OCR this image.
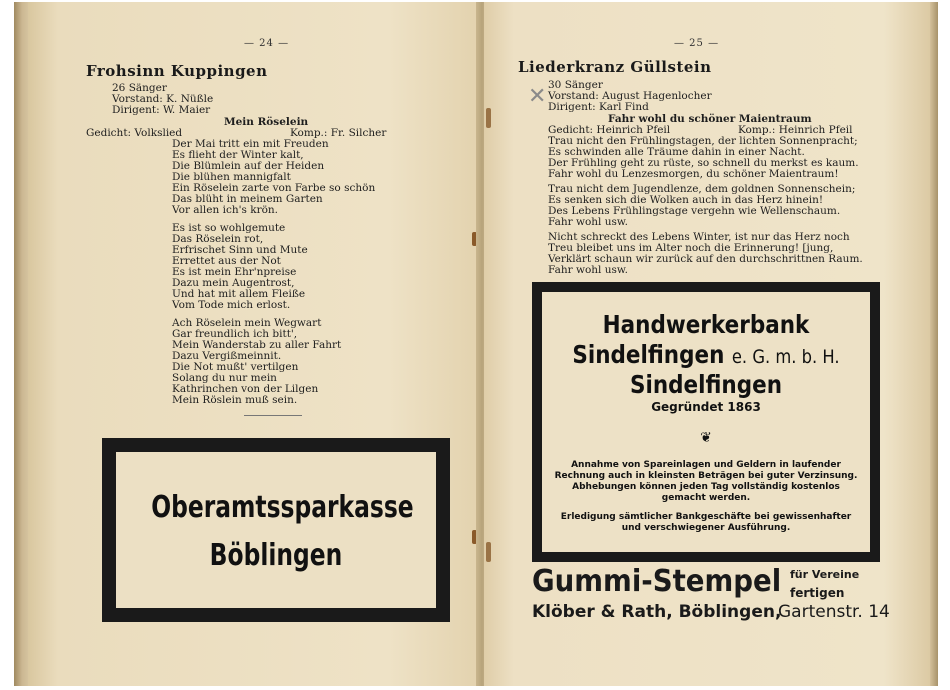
— 24 —
Frohsinn Kuppingen
26 Sänger
Vorstand: K. Nüßle
Dirigent: W. Maier
Mein Röselein
Gedicht: Volkslied	Komp.: Fr. Silcher
Der Mai tritt ein mit Freuden
Es flieht der Winter kalt,
Die Blümlein auf der Heiden
Die blühen mannigfalt
Ein Röselein zarte von Farbe so schön
Das blüht in meinem Garten
Vor allen ich's krön.
Es ist so wohlgemute
Das Röselein rot,
Erfrischet Sinn und Mute
Errettet aus der Not
Es ist mein Ehr'npreise
Dazu mein Augentrost,
Und hat mit allem Fleiße
Vom Tode mich erlost.
Ach Röselein mein Wegwart
Gar freundlich ich bitt',
Mein Wanderstab zu aller Fahrt
Dazu Vergißmeinnit.
Die Not mußt' vertilgen
Solang du nur mein
Kathrinchen von der Lilgen
Mein Röslein muß sein.
Oberamtssparkasse
Böblingen
— 25 —
Liederkranz Güllstein
✕ 30 Sänger
Vorstand: August Hagenlocher
Dirigent: Karl Find
Fahr wohl du schöner Maientraum
Gedicht: Heinrich Pfeil	Komp.: Heinrich Pfeil
Trau nicht den Frühlingstagen, der lichten Sonnenpracht;
Es schwinden alle Träume dahin in einer Nacht.
Der Frühling geht zu rüste, so schnell du merkst es kaum.
Fahr wohl du Lenzesmorgen, du schöner Maientraum!
Trau nicht dem Jugendlenze, dem goldnen Sonnenschein;
Es senken sich die Wolken auch in das Herz hinein!
Des Lebens Frühlingstage vergehn wie Wellenschaum.
Fahr wohl usw.
Nicht schreckt des Lebens Winter, ist nur das Herz noch
Treu bleibet uns im Alter noch die Erinnerung! [jung,
Verklärt schaun wir zurück auf den durchschrittnen Raum.
Fahr wohl usw.
Handwerkerbank
Sindelfingen e. G. m. b. H.
Sindelfingen
Gegründet 1863
❦
Annahme von Spareinlagen und Geldern in laufender
Rechnung auch in kleinsten Beträgen bei guter Verzinsung.
Abhebungen können jeden Tag vollständig kostenlos
gemacht werden.
Erledigung sämtlicher Bankgeschäfte bei gewissenhafter
und verschwiegener Ausführung.
Gummi-Stempel für Vereine
fertigen
Klöber & Rath, Böblingen,
Gartenstr. 14
